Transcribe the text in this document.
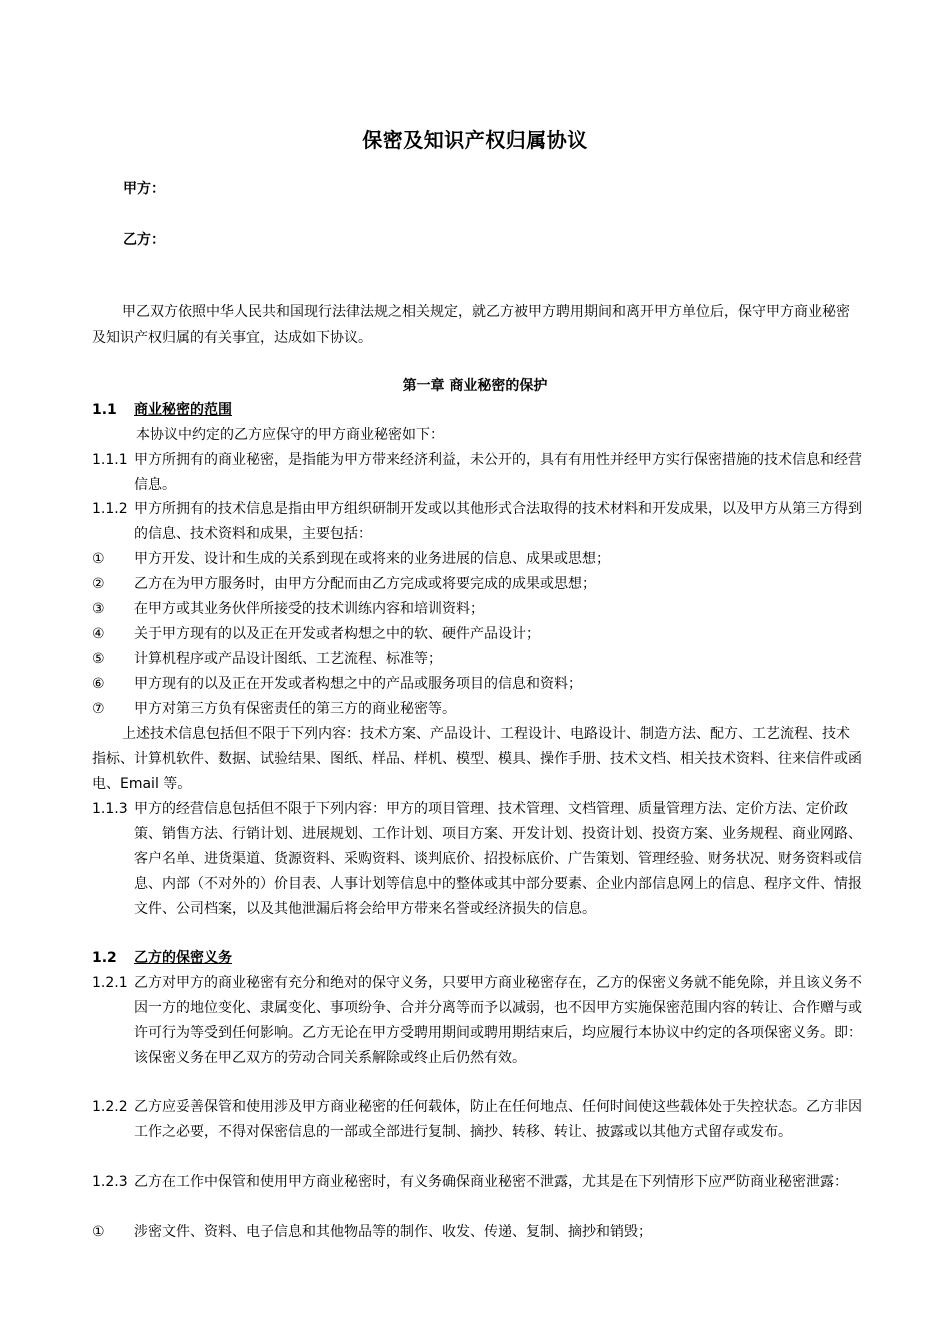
保密及知识产权归属协议
甲方：
乙方：
甲乙双方依照中华人民共和国现行法律法规之相关规定，就乙方被甲方聘用期间和离开甲方单位后，保守甲方商业秘密及知识产权归属的有关事宜，达成如下协议。
第一章 商业秘密的保护
1.1 商业秘密的范围
本协议中约定的乙方应保守的甲方商业秘密如下：
1.1.1 甲方所拥有的商业秘密，是指能为甲方带来经济利益，未公开的，具有有用性并经甲方实行保密措施的技术信息和经营信息。
1.1.2 甲方所拥有的技术信息是指由甲方组织研制开发或以其他形式合法取得的技术材料和开发成果，以及甲方从第三方得到的信息、技术资料和成果，主要包括：
① 甲方开发、设计和生成的关系到现在或将来的业务进展的信息、成果或思想；
② 乙方在为甲方服务时，由甲方分配而由乙方完成或将要完成的成果或思想；
③ 在甲方或其业务伙伴所接受的技术训练内容和培训资料；
④ 关于甲方现有的以及正在开发或者构想之中的软、硬件产品设计；
⑤ 计算机程序或产品设计图纸、工艺流程、标准等；
⑥ 甲方现有的以及正在开发或者构想之中的产品或服务项目的信息和资料；
⑦ 甲方对第三方负有保密责任的第三方的商业秘密等。
上述技术信息包括但不限于下列内容：技术方案、产品设计、工程设计、电路设计、制造方法、配方、工艺流程、技术指标、计算机软件、数据、试验结果、图纸、样品、样机、模型、模具、操作手册、技术文档、相关技术资料、往来信件或函电、Email 等。
1.1.3 甲方的经营信息包括但不限于下列内容：甲方的项目管理、技术管理、文档管理、质量管理方法、定价方法、定价政策、销售方法、行销计划、进展规划、工作计划、项目方案、开发计划、投资计划、投资方案、业务规程、商业网路、客户名单、进货渠道、货源资料、采购资料、谈判底价、招投标底价、广告策划、管理经验、财务状况、财务资料或信息、内部（不对外的）价目表、人事计划等信息中的整体或其中部分要素、企业内部信息网上的信息、程序文件、情报文件、公司档案，以及其他泄漏后将会给甲方带来名誉或经济损失的信息。
1.2 乙方的保密义务
1.2.1 乙方对甲方的商业秘密有充分和绝对的保守义务，只要甲方商业秘密存在，乙方的保密义务就不能免除，并且该义务不因一方的地位变化、隶属变化、事项纷争、合并分离等而予以减弱，也不因甲方实施保密范围内容的转让、合作赠与或许可行为等受到任何影响。乙方无论在甲方受聘用期间或聘用期结束后，均应履行本协议中约定的各项保密义务。即：该保密义务在甲乙双方的劳动合同关系解除或终止后仍然有效。
1.2.2 乙方应妥善保管和使用涉及甲方商业秘密的任何载体，防止在任何地点、任何时间使这些载体处于失控状态。乙方非因工作之必要，不得对保密信息的一部或全部进行复制、摘抄、转移、转让、披露或以其他方式留存或发布。
1.2.3 乙方在工作中保管和使用甲方商业秘密时，有义务确保商业秘密不泄露，尤其是在下列情形下应严防商业秘密泄露：
① 涉密文件、资料、电子信息和其他物品等的制作、收发、传递、复制、摘抄和销毁；
